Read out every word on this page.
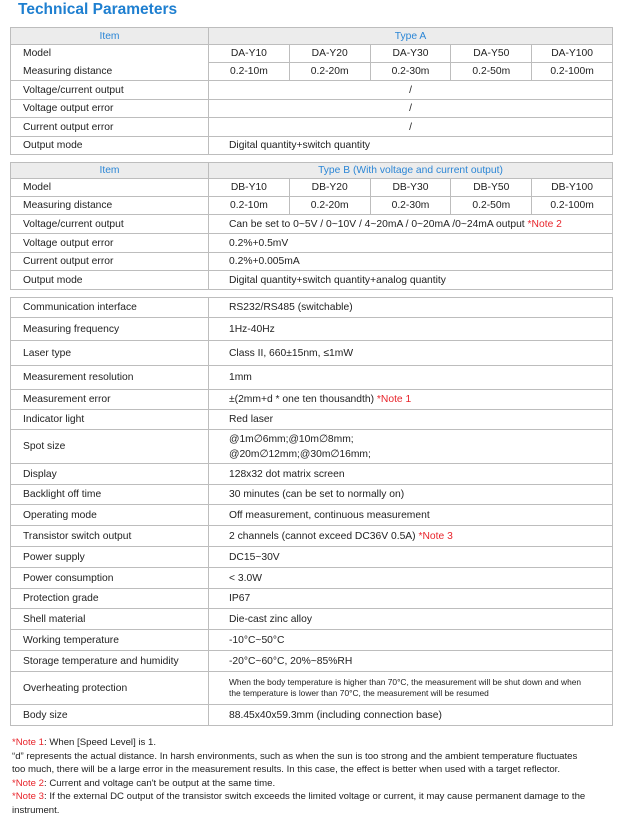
Technical Parameters
Item	Type A				
Model	DA-Y10	DA-Y20	DA-Y30	DA-Y50	DA-Y100
Measuring distance	0.2-10m	0.2-20m	0.2-30m	0.2-50m	0.2-100m
Voltage/current output	/				
Voltage output error	/				
Current output error	/				
Output mode	Digital quantity+switch quantity				
Item	Type B (With voltage and current output)				
Model	DB-Y10	DB-Y20	DB-Y30	DB-Y50	DB-Y100
Measuring distance	0.2-10m	0.2-20m	0.2-30m	0.2-50m	0.2-100m
Voltage/current output	Can be set to 0~5V / 0~10V / 4~20mA / 0~20mA /0~24mA output *Note 2				
Voltage output error	0.2%+0.5mV				
Current output error	0.2%+0.005mA				
Output mode	Digital quantity+switch quantity+analog quantity				
Communication interface	RS232/RS485 (switchable)
Measuring frequency	1Hz-40Hz
Laser type	Class II, 660±15nm, ≤1mW
Measurement resolution	1mm
Measurement error	±(2mm+d * one ten thousandth) *Note 1
Indicator light	Red laser
Spot size	@1m∅6mm;@10m∅8mm;
@20m∅12mm;@30m∅16mm;

Display	128x32 dot matrix screen
Backlight off time	30 minutes (can be set to normally on)
Operating mode	Off measurement, continuous measurement
Transistor switch output	2 channels (cannot exceed DC36V 0.5A) *Note 3
Power supply	DC15~30V
Power consumption	< 3.0W
Protection grade	IP67
Shell material	Die-cast zinc alloy
Working temperature	-10°C~50°C
Storage temperature and humidity	-20°C~60°C, 20%~85%RH
Overheating protection	When the body temperature is higher than 70°C, the measurement will be shut down and when the temperature is lower than 70°C, the measurement will be resumed

Body size	88.45x40x59.3mm (including connection base)

*Note 1: When [Speed Level] is 1.

“d” represents the actual distance. In harsh environments, such as when the sun is too strong and the ambient temperature fluctuates too much, there will be a large error in the measurement results. In this case, the effect is better when used with a target reflector.

*Note 2: Current and voltage can't be output at the same time.

*Note 3: If the external DC output of the transistor switch exceeds the limited voltage or current, it may cause permanent damage to the instrument.
